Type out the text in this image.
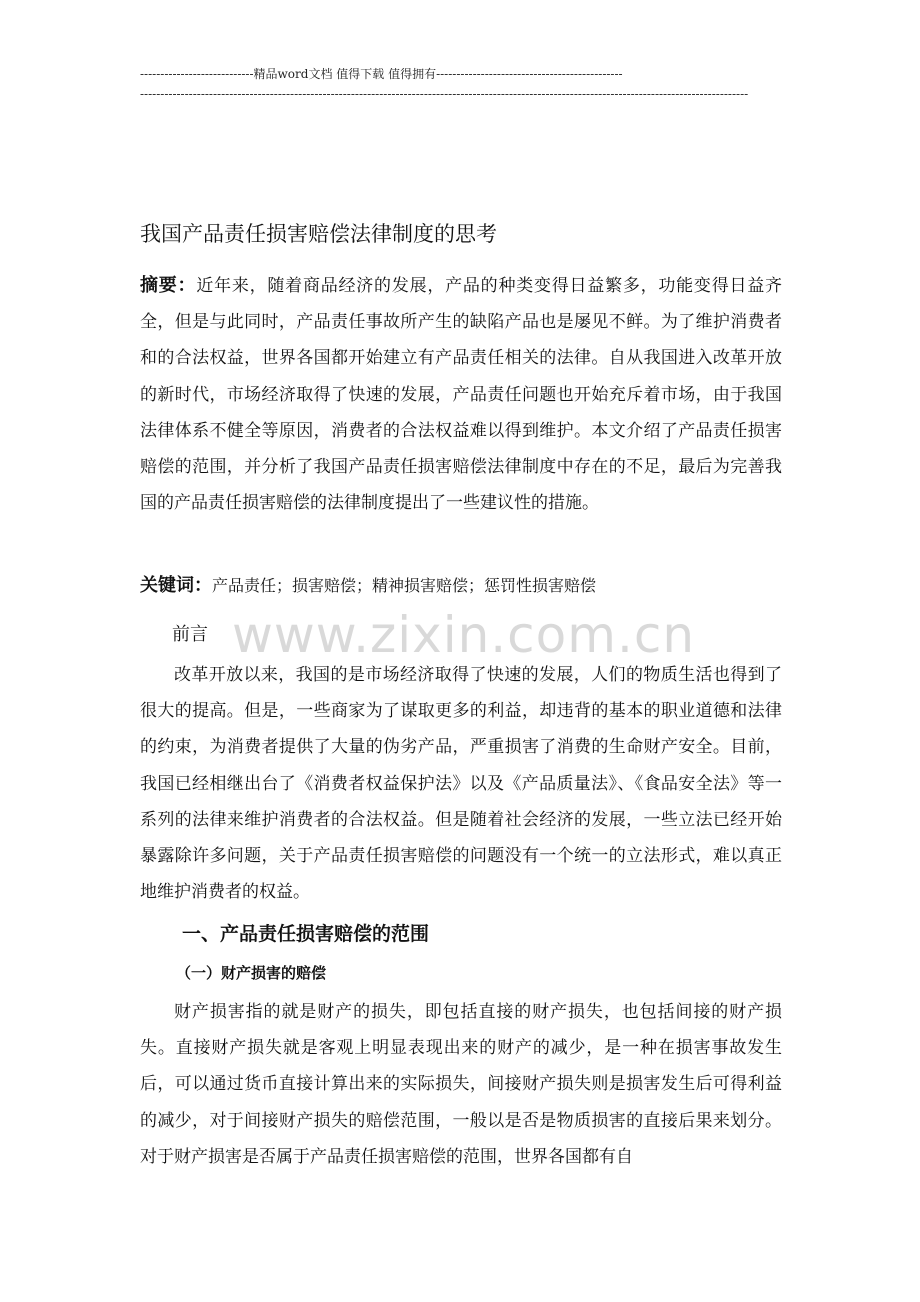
----------------------------精品word文档 值得下载 值得拥有----------------------------------------------
------------------------------------------------------------------------------------------------------------------------------------------------------
www.zixin.com.cn
我国产品责任损害赔偿法律制度的思考

摘要：近年来，随着商品经济的发展，产品的种类变得日益繁多，功能变得日益齐全，但是与此同时，产品责任事故所产生的缺陷产品也是屡见不鲜。为了维护消费者和的合法权益，世界各国都开始建立有产品责任相关的法律。自从我国进入改革开放的新时代，市场经济取得了快速的发展，产品责任问题也开始充斥着市场，由于我国法律体系不健全等原因，消费者的合法权益难以得到维护。本文介绍了产品责任损害赔偿的范围，并分析了我国产品责任损害赔偿法律制度中存在的不足，最后为完善我国的产品责任损害赔偿的法律制度提出了一些建议性的措施。

关键词：产品责任；损害赔偿；精神损害赔偿；惩罚性损害赔偿
前言

改革开放以来，我国的是市场经济取得了快速的发展，人们的物质生活也得到了很大的提高。但是，一些商家为了谋取更多的利益，却违背的基本的职业道德和法律的约束，为消费者提供了大量的伪劣产品，严重损害了消费的生命财产安全。目前，我国已经相继出台了《消费者权益保护法》以及《产品质量法》、《食品安全法》等一系列的法律来维护消费者的合法权益。但是随着社会经济的发展，一些立法已经开始暴露除许多问题，关于产品责任损害赔偿的问题没有一个统一的立法形式，难以真正地维护消费者的权益。

一、产品责任损害赔偿的范围
（一）财产损害的赔偿

财产损害指的就是财产的损失，即包括直接的财产损失，也包括间接的财产损失。直接财产损失就是客观上明显表现出来的财产的减少，是一种在损害事故发生后，可以通过货币直接计算出来的实际损失，间接财产损失则是损害发生后可得利益的减少，对于间接财产损失的赔偿范围，一般以是否是物质损害的直接后果来划分。对于财产损害是否属于产品责任损害赔偿的范围，世界各国都有自
